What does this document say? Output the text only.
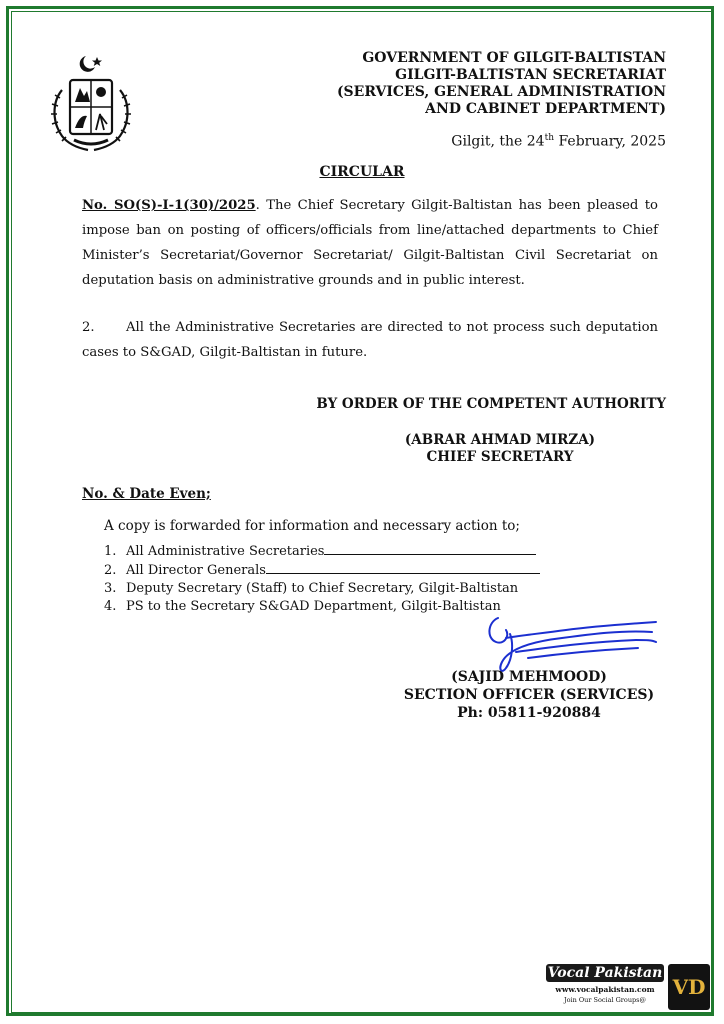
GOVERNMENT OF GILGIT-BALTISTAN
GILGIT-BALTISTAN SECRETARIAT
(SERVICES, GENERAL ADMINISTRATION
AND CABINET DEPARTMENT)
Gilgit, the 24th February, 2025
CIRCULAR

No. SO(S)-I-1(30)/2025. The Chief Secretary Gilgit-Baltistan has been pleased to impose ban on posting of officers/officials from line/attached departments to Chief Minister’s Secretariat/Governor Secretariat/ Gilgit-Baltistan Civil Secretariat on deputation basis on administrative grounds and in public interest.

2. All the Administrative Secretaries are directed to not process such deputation cases to S&GAD, Gilgit-Baltistan in future.

BY ORDER OF THE COMPETENT AUTHORITY
(ABRAR AHMAD MIRZA)
CHIEF SECRETARY
No. & Date Even;
A copy is forwarded for information and necessary action to;
1. All Administrative Secretaries
2. All Director Generals
3. Deputy Secretary (Staff) to Chief Secretary, Gilgit-Baltistan
4. PS to the Secretary S&GAD Department, Gilgit-Baltistan
(SAJID MEHMOOD)
SECTION OFFICER (SERVICES)
Ph: 05811-920884
Vocal Pakistan
www.vocalpakistan.com
Join Our Social Groups@
VD
